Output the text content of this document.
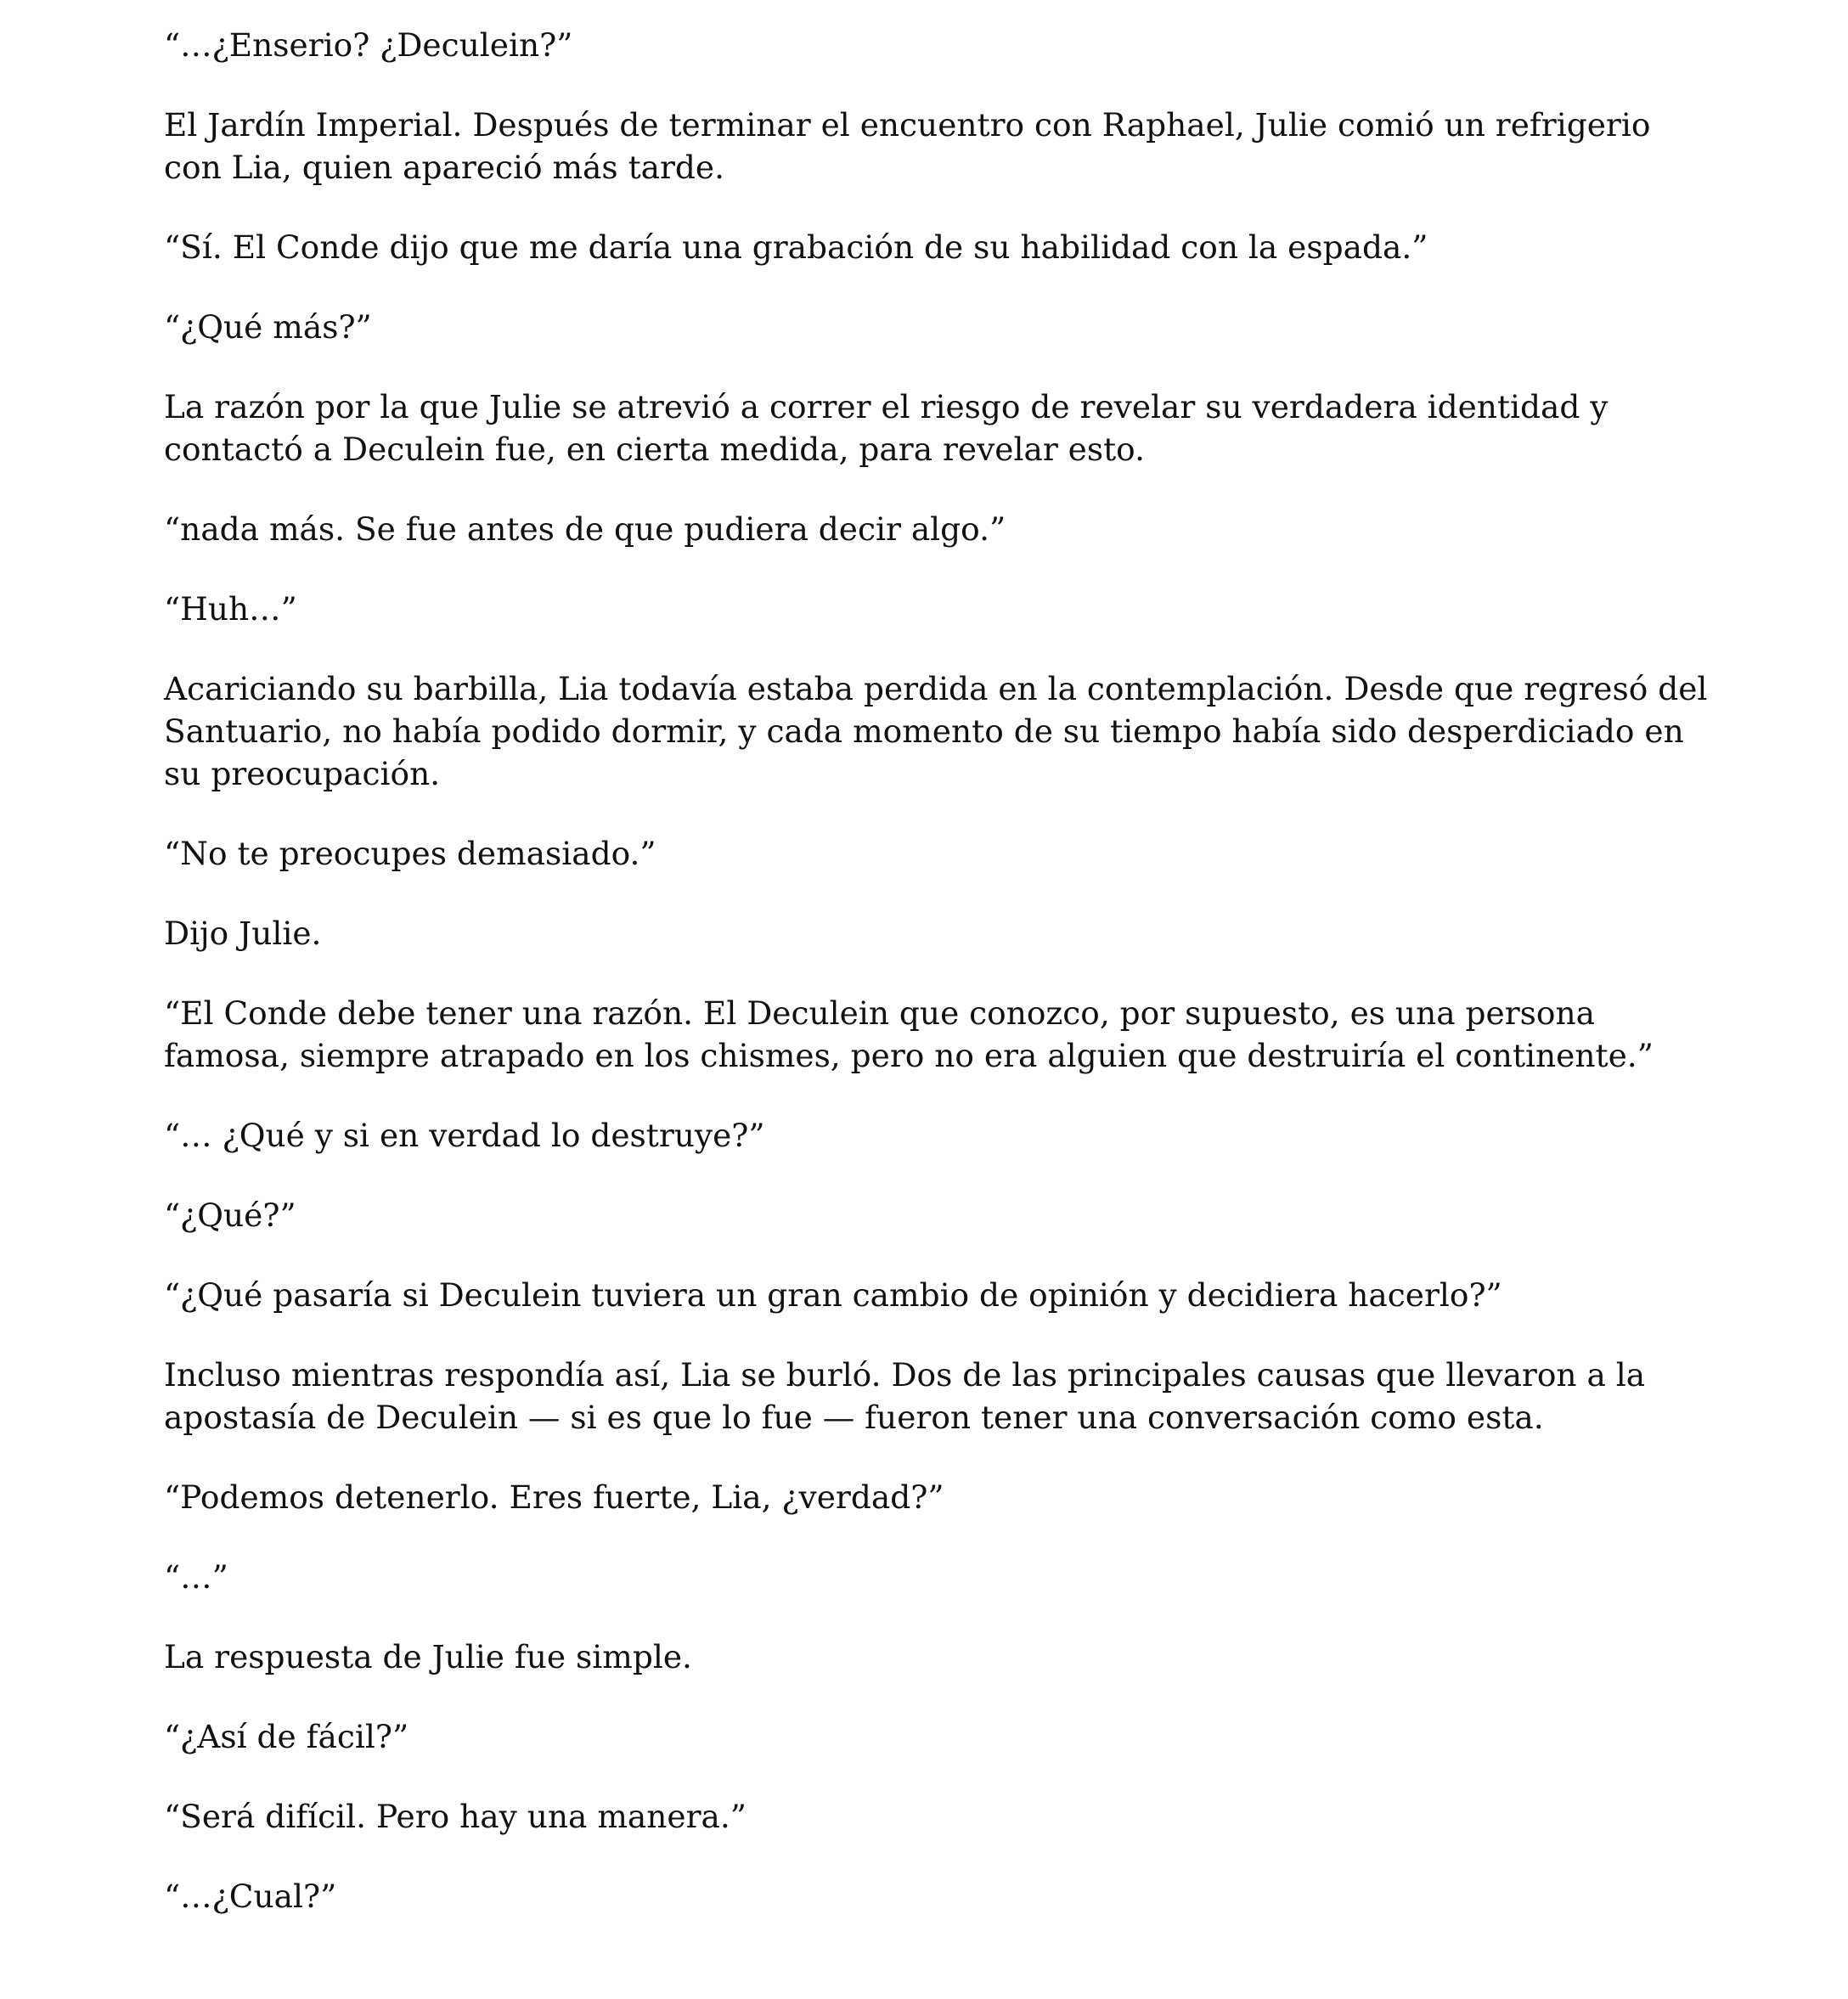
“…¿Enserio? ¿Deculein?”

El Jardín Imperial. Después de terminar el encuentro con Raphael, Julie comió un refrigerio con Lia, quien apareció más tarde.

“Sí. El Conde dijo que me daría una grabación de su habilidad con la espada.”

“¿Qué más?”

La razón por la que Julie se atrevió a correr el riesgo de revelar su verdadera identidad y contactó a Deculein fue, en cierta medida, para revelar esto.

“nada más. Se fue antes de que pudiera decir algo.”

“Huh…”

Acariciando su barbilla, Lia todavía estaba perdida en la contemplación. Desde que regresó del Santuario, no había podido dormir, y cada momento de su tiempo había sido desperdiciado en su preocupación.

“No te preocupes demasiado.”

Dijo Julie.

“El Conde debe tener una razón. El Deculein que conozco, por supuesto, es una persona famosa, siempre atrapado en los chismes, pero no era alguien que destruiría el continente.”

“… ¿Qué y si en verdad lo destruye?”

“¿Qué?”

“¿Qué pasaría si Deculein tuviera un gran cambio de opinión y decidiera hacerlo?”

Incluso mientras respondía así, Lia se burló. Dos de las principales causas que llevaron a la apostasía de Deculein — si es que lo fue — fueron tener una conversación como esta.

“Podemos detenerlo. Eres fuerte, Lia, ¿verdad?”

“…”

La respuesta de Julie fue simple.

“¿Así de fácil?”

“Será difícil. Pero hay una manera.”

“…¿Cual?”
